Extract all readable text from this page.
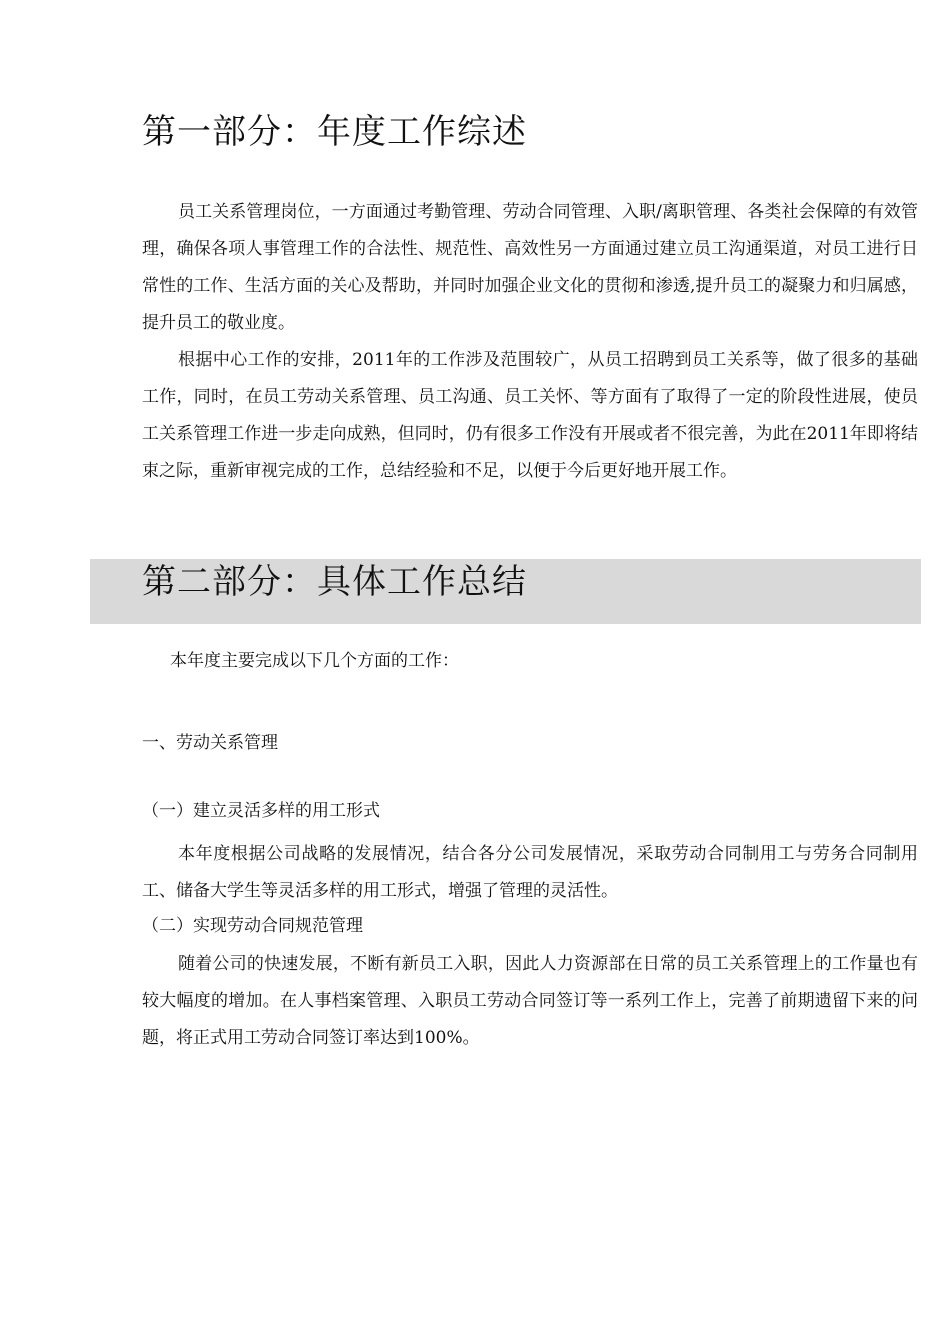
第一部分：年度工作综述

员工关系管理岗位，一方面通过考勤管理、劳动合同管理、入职/离职管理、各类社会保障的有效管理，确保各项人事管理工作的合法性、规范性、高效性另一方面通过建立员工沟通渠道，对员工进行日常性的工作、生活方面的关心及帮助，并同时加强企业文化的贯彻和渗透,提升员工的凝聚力和归属感，提升员工的敬业度。

根据中心工作的安排，2011年的工作涉及范围较广，从员工招聘到员工关系等，做了很多的基础工作，同时，在员工劳动关系管理、员工沟通、员工关怀、等方面有了取得了一定的阶段性进展，使员工关系管理工作进一步走向成熟，但同时，仍有很多工作没有开展或者不很完善，为此在2011年即将结束之际，重新审视完成的工作，总结经验和不足，以便于今后更好地开展工作。

第二部分：具体工作总结

本年度主要完成以下几个方面的工作：

一、劳动关系管理

（一）建立灵活多样的用工形式

本年度根据公司战略的发展情况，结合各分公司发展情况，采取劳动合同制用工与劳务合同制用工、储备大学生等灵活多样的用工形式，增强了管理的灵活性。

（二）实现劳动合同规范管理

随着公司的快速发展，不断有新员工入职，因此人力资源部在日常的员工关系管理上的工作量也有较大幅度的增加。在人事档案管理、入职员工劳动合同签订等一系列工作上，完善了前期遗留下来的问题，将正式用工劳动合同签订率达到100%。
